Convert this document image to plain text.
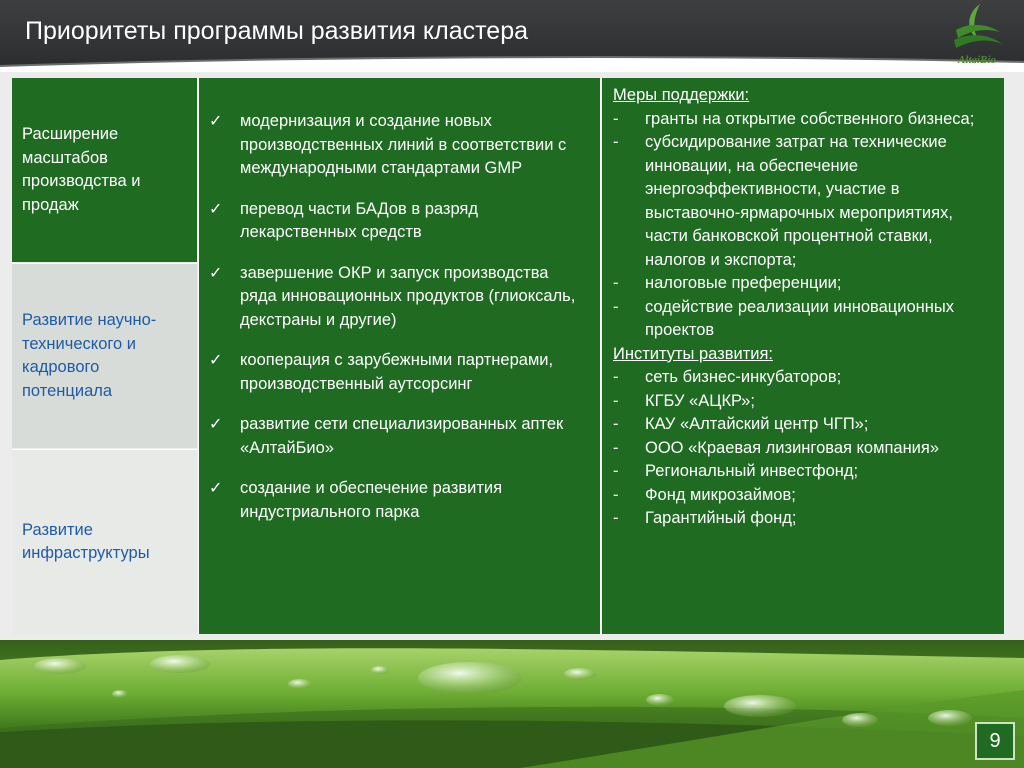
Приоритеты программы развития кластера
AltaiBio
Расширение масштабов производства и продаж
Развитие научно-технического и кадрового потенциала
Развитие инфраструктуры
✓ модернизация и создание новых производственных линий в соответствии с международными стандартами GMP
✓ перевод части БАДов в разряд лекарственных средств
✓ завершение ОКР и запуск производства ряда инновационных продуктов (глиоксаль, декстраны и другие)
✓ кооперация с зарубежными партнерами, производственный аутсорсинг
✓ развитие сети специализированных аптек «АлтайБио»
✓ создание и обеспечение развития индустриального парка
Меры поддержки:
- гранты на открытие собственного бизнеса;
- субсидирование затрат на технические инновации, на обеспечение энергоэффективности, участие в выставочно-ярмарочных мероприятиях, части банковской процентной ставки, налогов и экспорта;
- налоговые преференции;
- содействие реализации инновационных проектов
Институты развития:
- сеть бизнес-инкубаторов;
- КГБУ «АЦКР»;
- КАУ «Алтайский центр ЧГП»;
- ООО «Краевая лизинговая компания»
- Региональный инвестфонд;
- Фонд микрозаймов;
- Гарантийный фонд;
9
